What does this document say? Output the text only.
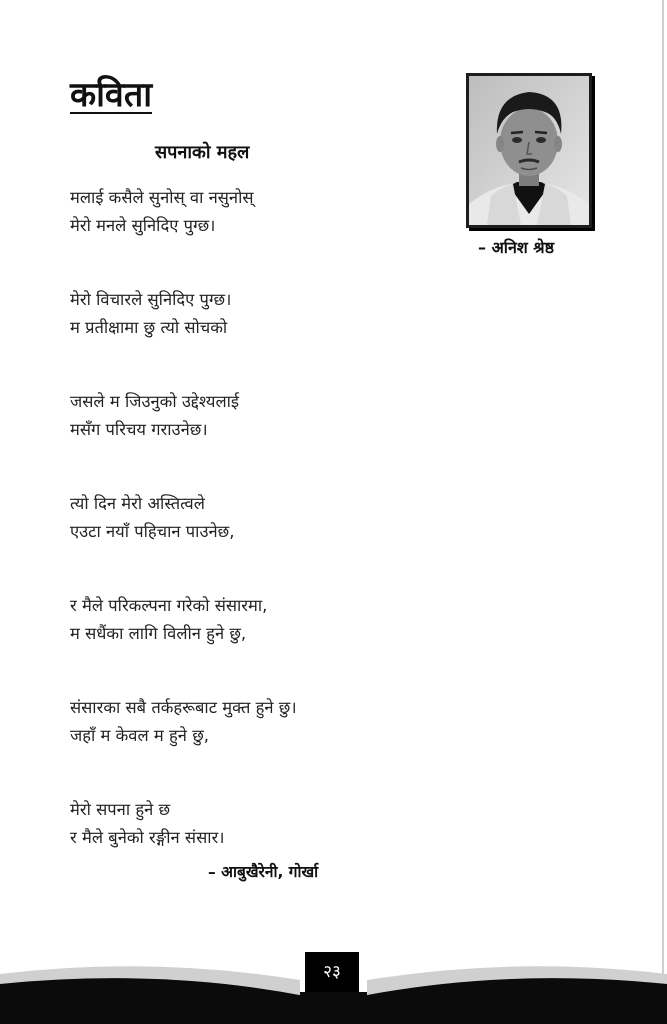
कविता
सपनाको महल
मलाई कसैले सुनोस् वा नसुनोस्
मेरो मनले सुनिदिए पुग्छ।
मेरो विचारले सुनिदिए पुग्छ।
म प्रतीक्षामा छु त्यो सोचको
जसले म जिउनुको उद्देश्यलाई
मसँग परिचय गराउनेछ।
त्यो दिन मेरो अस्तित्वले
एउटा नयाँ पहिचान पाउनेछ,
र मैले परिकल्पना गरेको संसारमा,
म सधैंका लागि विलीन हुने छु,
संसारका सबै तर्कहरूबाट मुक्त हुने छु।
जहाँ म केवल म हुने छु,
मेरो सपना हुने छ
र मैले बुनेको रङ्गीन संसार।
– आबुखैरेनी, गोर्खा
– अनिश श्रेष्ठ
२३
